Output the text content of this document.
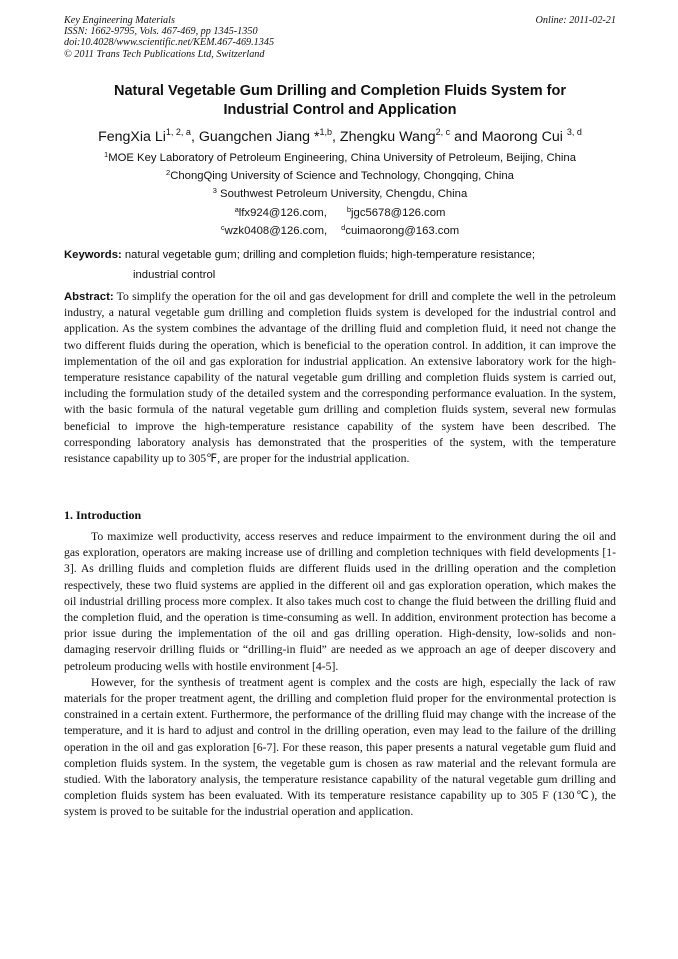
Key Engineering Materials
ISSN: 1662-9795, Vols. 467-469, pp 1345-1350
doi:10.4028/www.scientific.net/KEM.467-469.1345
© 2011 Trans Tech Publications Ltd, Switzerland
Online: 2011-02-21
Natural Vegetable Gum Drilling and Completion Fluids System for
Industrial Control and Application
FengXia Li$^{1, 2, a}$, Guangchen Jiang *$^{1,b}$, Zhengku Wang$^{2, c}$ and Maorong Cui $^{3, d}$
$^1$MOE Key Laboratory of Petroleum Engineering, China University of Petroleum, Beijing, China
$^2$ChongQing University of Science and Technology, Chongqing, China
$^3$ Southwest Petroleum University, Chengdu, China
$^a$lfx924@126.com,	$^b$jgc5678@126.com
$^c$wzk0408@126.com, $^d$cuimaorong@163.com
Keywords: natural vegetable gum; drilling and completion fluids; high-temperature resistance;
industrial control
Abstract: To simplify the operation for the oil and gas development for drill and complete the well in the petroleum industry, a natural vegetable gum drilling and completion fluids system is developed for the industrial control and application. As the system combines the advantage of the drilling fluid and completion fluid, it need not change the two different fluids during the operation, which is beneficial to the operation control. In addition, it can improve the implementation of the oil and gas exploration for industrial application. An extensive laboratory work for the high-temperature resistance capability of the natural vegetable gum drilling and completion fluids system is carried out, including the formulation study of the detailed system and the corresponding performance evaluation. In the system, with the basic formula of the natural vegetable gum drilling and completion fluids system, several new formulas beneficial to improve the high-temperature resistance capability of the system have been described. The corresponding laboratory analysis has demonstrated that the prosperities of the system, with the temperature resistance capability up to 305℉, are proper for the industrial application.
1. Introduction

To maximize well productivity, access reserves and reduce impairment to the environment during the oil and gas exploration, operators are making increase use of drilling and completion techniques with field developments [1-3]. As drilling fluids and completion fluids are different fluids used in the drilling operation and the completion respectively, these two fluid systems are applied in the different oil and gas exploration operation, which makes the oil industrial drilling process more complex. It also takes much cost to change the fluid between the drilling fluid and the completion fluid, and the operation is time-consuming as well. In addition, environment protection has become a prior issue during the implementation of the oil and gas drilling operation. High-density, low-solids and non-damaging reservoir drilling fluids or “drilling-in fluid” are needed as we approach an age of deeper discovery and petroleum producing wells with hostile environment [4-5].

However, for the synthesis of treatment agent is complex and the costs are high, especially the lack of raw materials for the proper treatment agent, the drilling and completion fluid proper for the environmental protection is constrained in a certain extent. Furthermore, the performance of the drilling fluid may change with the increase of the temperature, and it is hard to adjust and control in the drilling operation, even may lead to the failure of the drilling operation in the oil and gas exploration [6-7]. For these reason, this paper presents a natural vegetable gum fluid and completion fluids system. In the system, the vegetable gum is chosen as raw material and the relevant formula are studied. With the laboratory analysis, the temperature resistance capability of the natural vegetable gum drilling and completion fluids system has been evaluated. With its temperature resistance capability up to 305 F (130℃), the system is proved to be suitable for the industrial operation and application.
